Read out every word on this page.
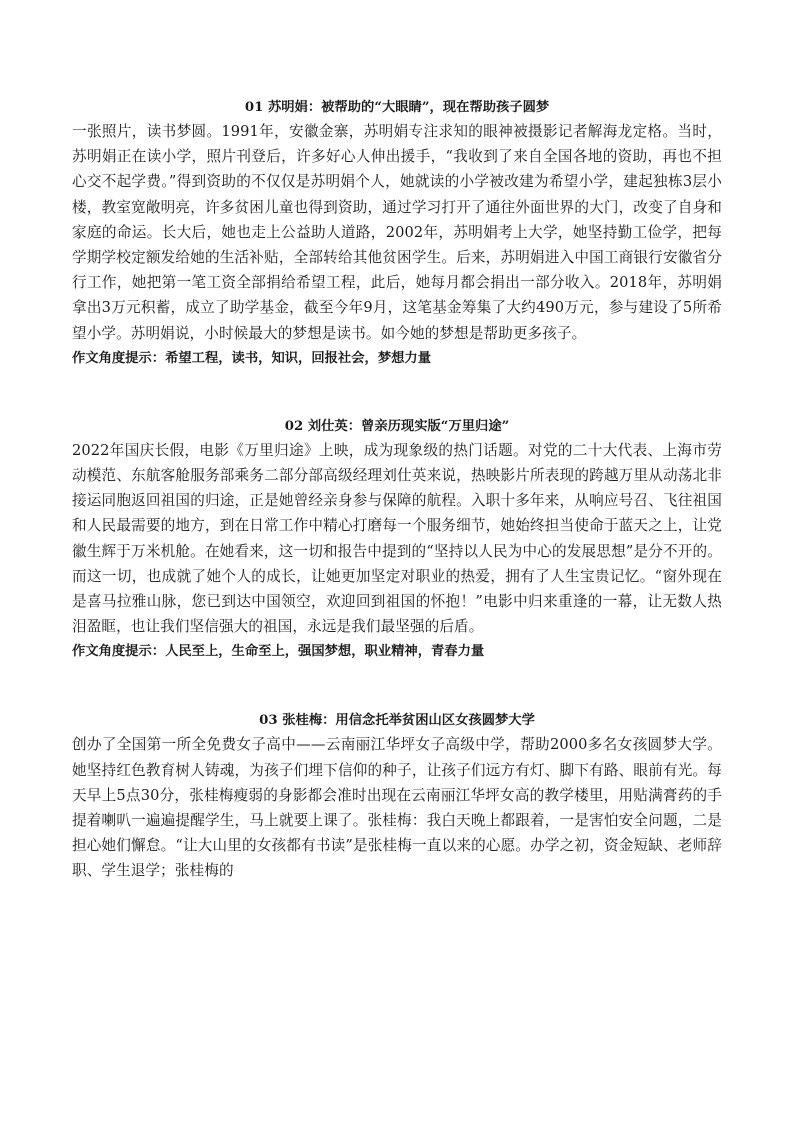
01 苏明娟：被帮助的“大眼睛”，现在帮助孩子圆梦

一张照片，读书梦圆。1991年，安徽金寨，苏明娟专注求知的眼神被摄影记者解海龙定格。当时，苏明娟正在读小学，照片刊登后，许多好心人伸出援手，“我收到了来自全国各地的资助，再也不担心交不起学费。”得到资助的不仅仅是苏明娟个人，她就读的小学被改建为希望小学，建起独栋3层小楼，教室宽敞明亮，许多贫困儿童也得到资助，通过学习打开了通往外面世界的大门，改变了自身和家庭的命运。长大后，她也走上公益助人道路，2002年，苏明娟考上大学，她坚持勤工俭学，把每学期学校定额发给她的生活补贴，全部转给其他贫困学生。后来，苏明娟进入中国工商银行安徽省分行工作，她把第一笔工资全部捐给希望工程，此后，她每月都会捐出一部分收入。2018年，苏明娟拿出3万元积蓄，成立了助学基金，截至今年9月，这笔基金筹集了大约490万元，参与建设了5所希望小学。苏明娟说，小时候最大的梦想是读书。如今她的梦想是帮助更多孩子。

作文角度提示：希望工程，读书，知识，回报社会，梦想力量
02 刘仕英：曾亲历现实版“万里归途”

2022年国庆长假，电影《万里归途》上映，成为现象级的热门话题。对党的二十大代表、上海市劳动模范、东航客舱服务部乘务二部分部高级经理刘仕英来说，热映影片所表现的跨越万里从动荡北非接运同胞返回祖国的归途，正是她曾经亲身参与保障的航程。入职十多年来，从响应号召、飞往祖国和人民最需要的地方，到在日常工作中精心打磨每一个服务细节，她始终担当使命于蓝天之上，让党徽生辉于万米机舱。在她看来，这一切和报告中提到的“坚持以人民为中心的发展思想”是分不开的。而这一切，也成就了她个人的成长，让她更加坚定对职业的热爱，拥有了人生宝贵记忆。“窗外现在是喜马拉雅山脉，您已到达中国领空，欢迎回到祖国的怀抱！”电影中归来重逢的一幕，让无数人热泪盈眶，也让我们坚信强大的祖国，永远是我们最坚强的后盾。

作文角度提示：人民至上，生命至上，强国梦想，职业精神，青春力量
03 张桂梅：用信念托举贫困山区女孩圆梦大学

创办了全国第一所全免费女子高中——云南丽江华坪女子高级中学，帮助2000多名女孩圆梦大学。她坚持红色教育树人铸魂，为孩子们埋下信仰的种子，让孩子们远方有灯、脚下有路、眼前有光。每天早上5点30分，张桂梅瘦弱的身影都会准时出现在云南丽江华坪女高的教学楼里，用贴满膏药的手提着喇叭一遍遍提醒学生，马上就要上课了。张桂梅：我白天晚上都跟着，一是害怕安全问题，二是担心她们懈怠。“让大山里的女孩都有书读”是张桂梅一直以来的心愿。办学之初，资金短缺、老师辞职、学生退学；张桂梅的
